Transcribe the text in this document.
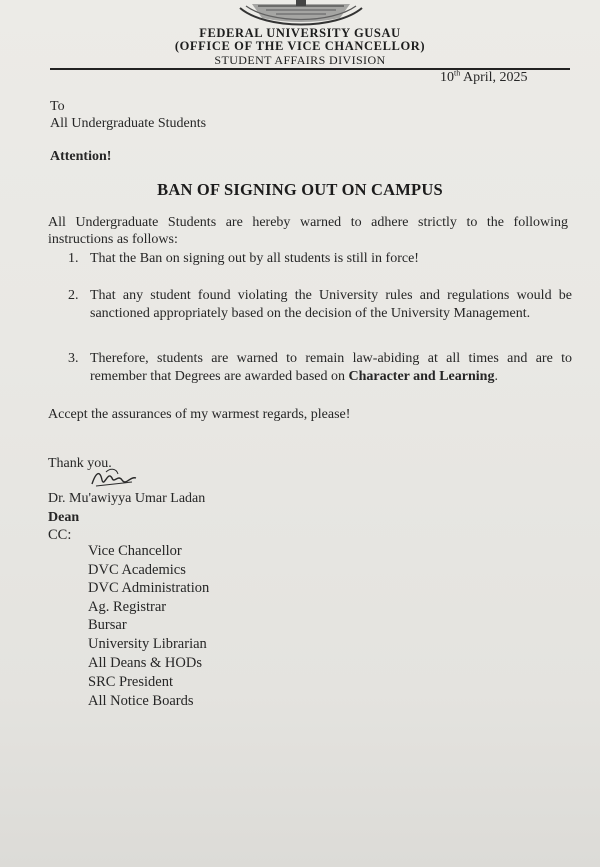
FEDERAL UNIVERSITY GUSAU
(OFFICE OF THE VICE CHANCELLOR)
STUDENT AFFAIRS DIVISION
10th April, 2025
To
All Undergraduate Students
Attention!
BAN OF SIGNING OUT ON CAMPUS
All Undergraduate Students are hereby warned to adhere strictly to the following instructions as follows:
1. That the Ban on signing out by all students is still in force!
2. That any student found violating the University rules and regulations would be sanctioned appropriately based on the decision of the University Management.
3. Therefore, students are warned to remain law-abiding at all times and are to remember that Degrees are awarded based on Character and Learning.
Accept the assurances of my warmest regards, please!
Thank you.
Dr. Mu'awiyya Umar Ladan
Dean
CC:
Vice Chancellor
DVC Academics
DVC Administration
Ag. Registrar
Bursar
University Librarian
All Deans & HODs
SRC President
All Notice Boards
